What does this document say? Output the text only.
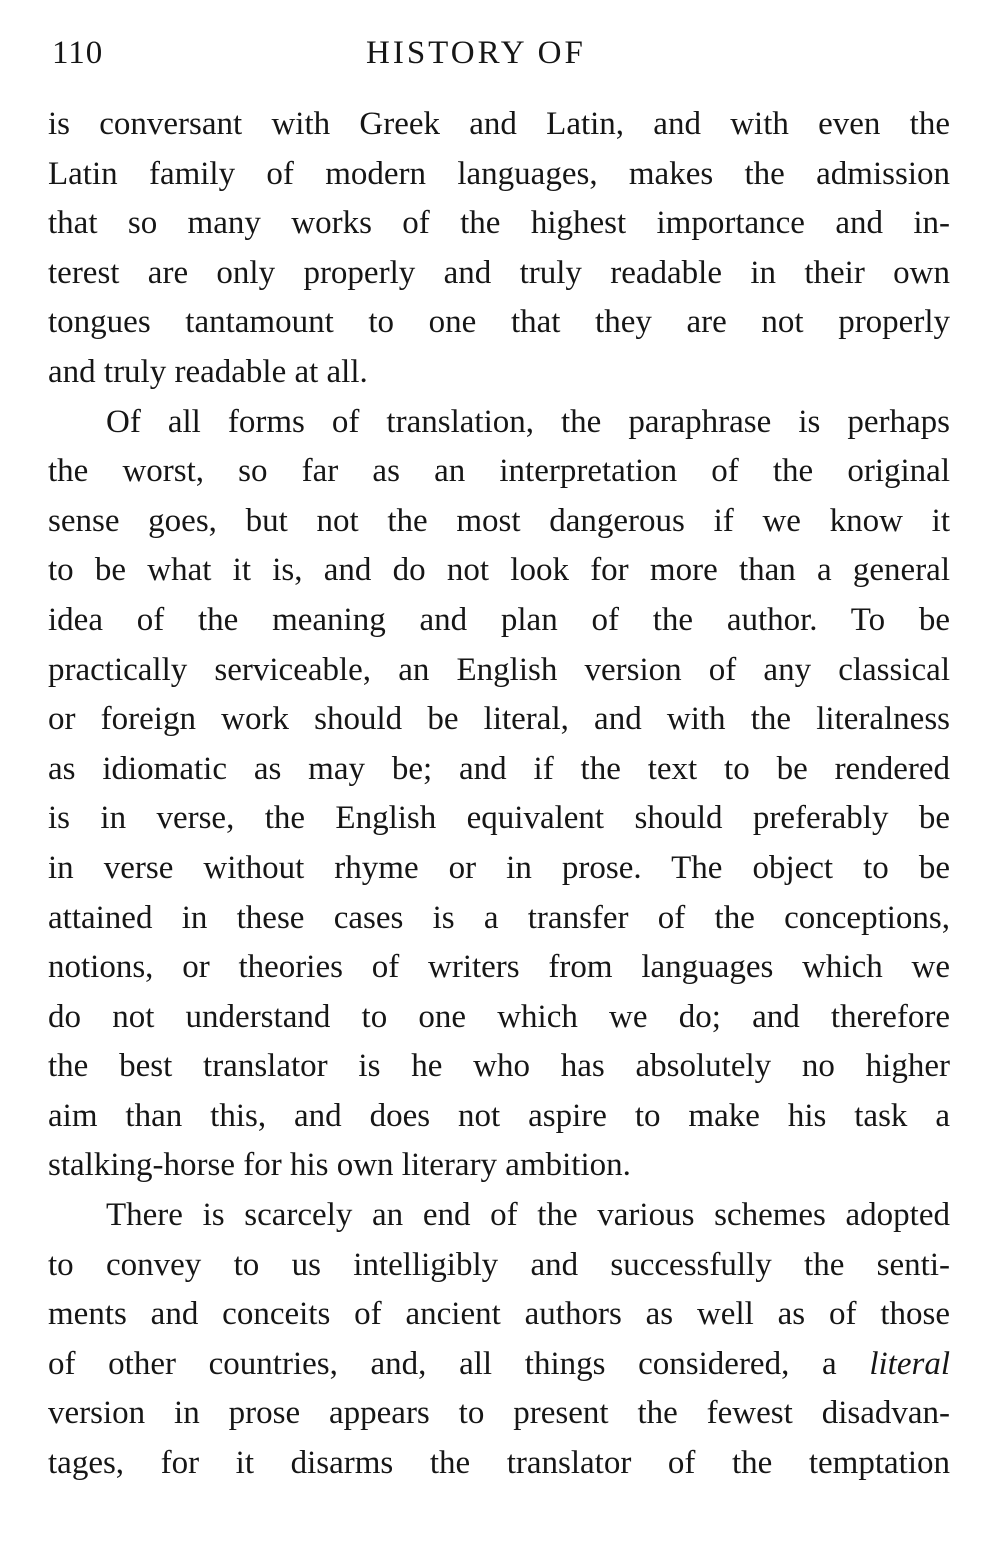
110	HISTORY OF
is conversant with Greek and Latin, and with even the
Latin family of modern languages, makes the admission
that so many works of the highest importance and in-
terest are only properly and truly readable in their own
tongues tantamount to one that they are not properly
and truly readable at all.
Of all forms of translation, the paraphrase is perhaps
the worst, so far as an interpretation of the original
sense goes, but not the most dangerous if we know it
to be what it is, and do not look for more than a general
idea of the meaning and plan of the author. To be
practically serviceable, an English version of any classical
or foreign work should be literal, and with the literalness
as idiomatic as may be; and if the text to be rendered
is in verse, the English equivalent should preferably be
in verse without rhyme or in prose. The object to be
attained in these cases is a transfer of the conceptions,
notions, or theories of writers from languages which we
do not understand to one which we do; and therefore
the best translator is he who has absolutely no higher
aim than this, and does not aspire to make his task a
stalking-horse for his own literary ambition.
There is scarcely an end of the various schemes adopted
to convey to us intelligibly and successfully the senti-
ments and conceits of ancient authors as well as of those
of other countries, and, all things considered, a literal
version in prose appears to present the fewest disadvan-
tages, for it disarms the translator of the temptation
